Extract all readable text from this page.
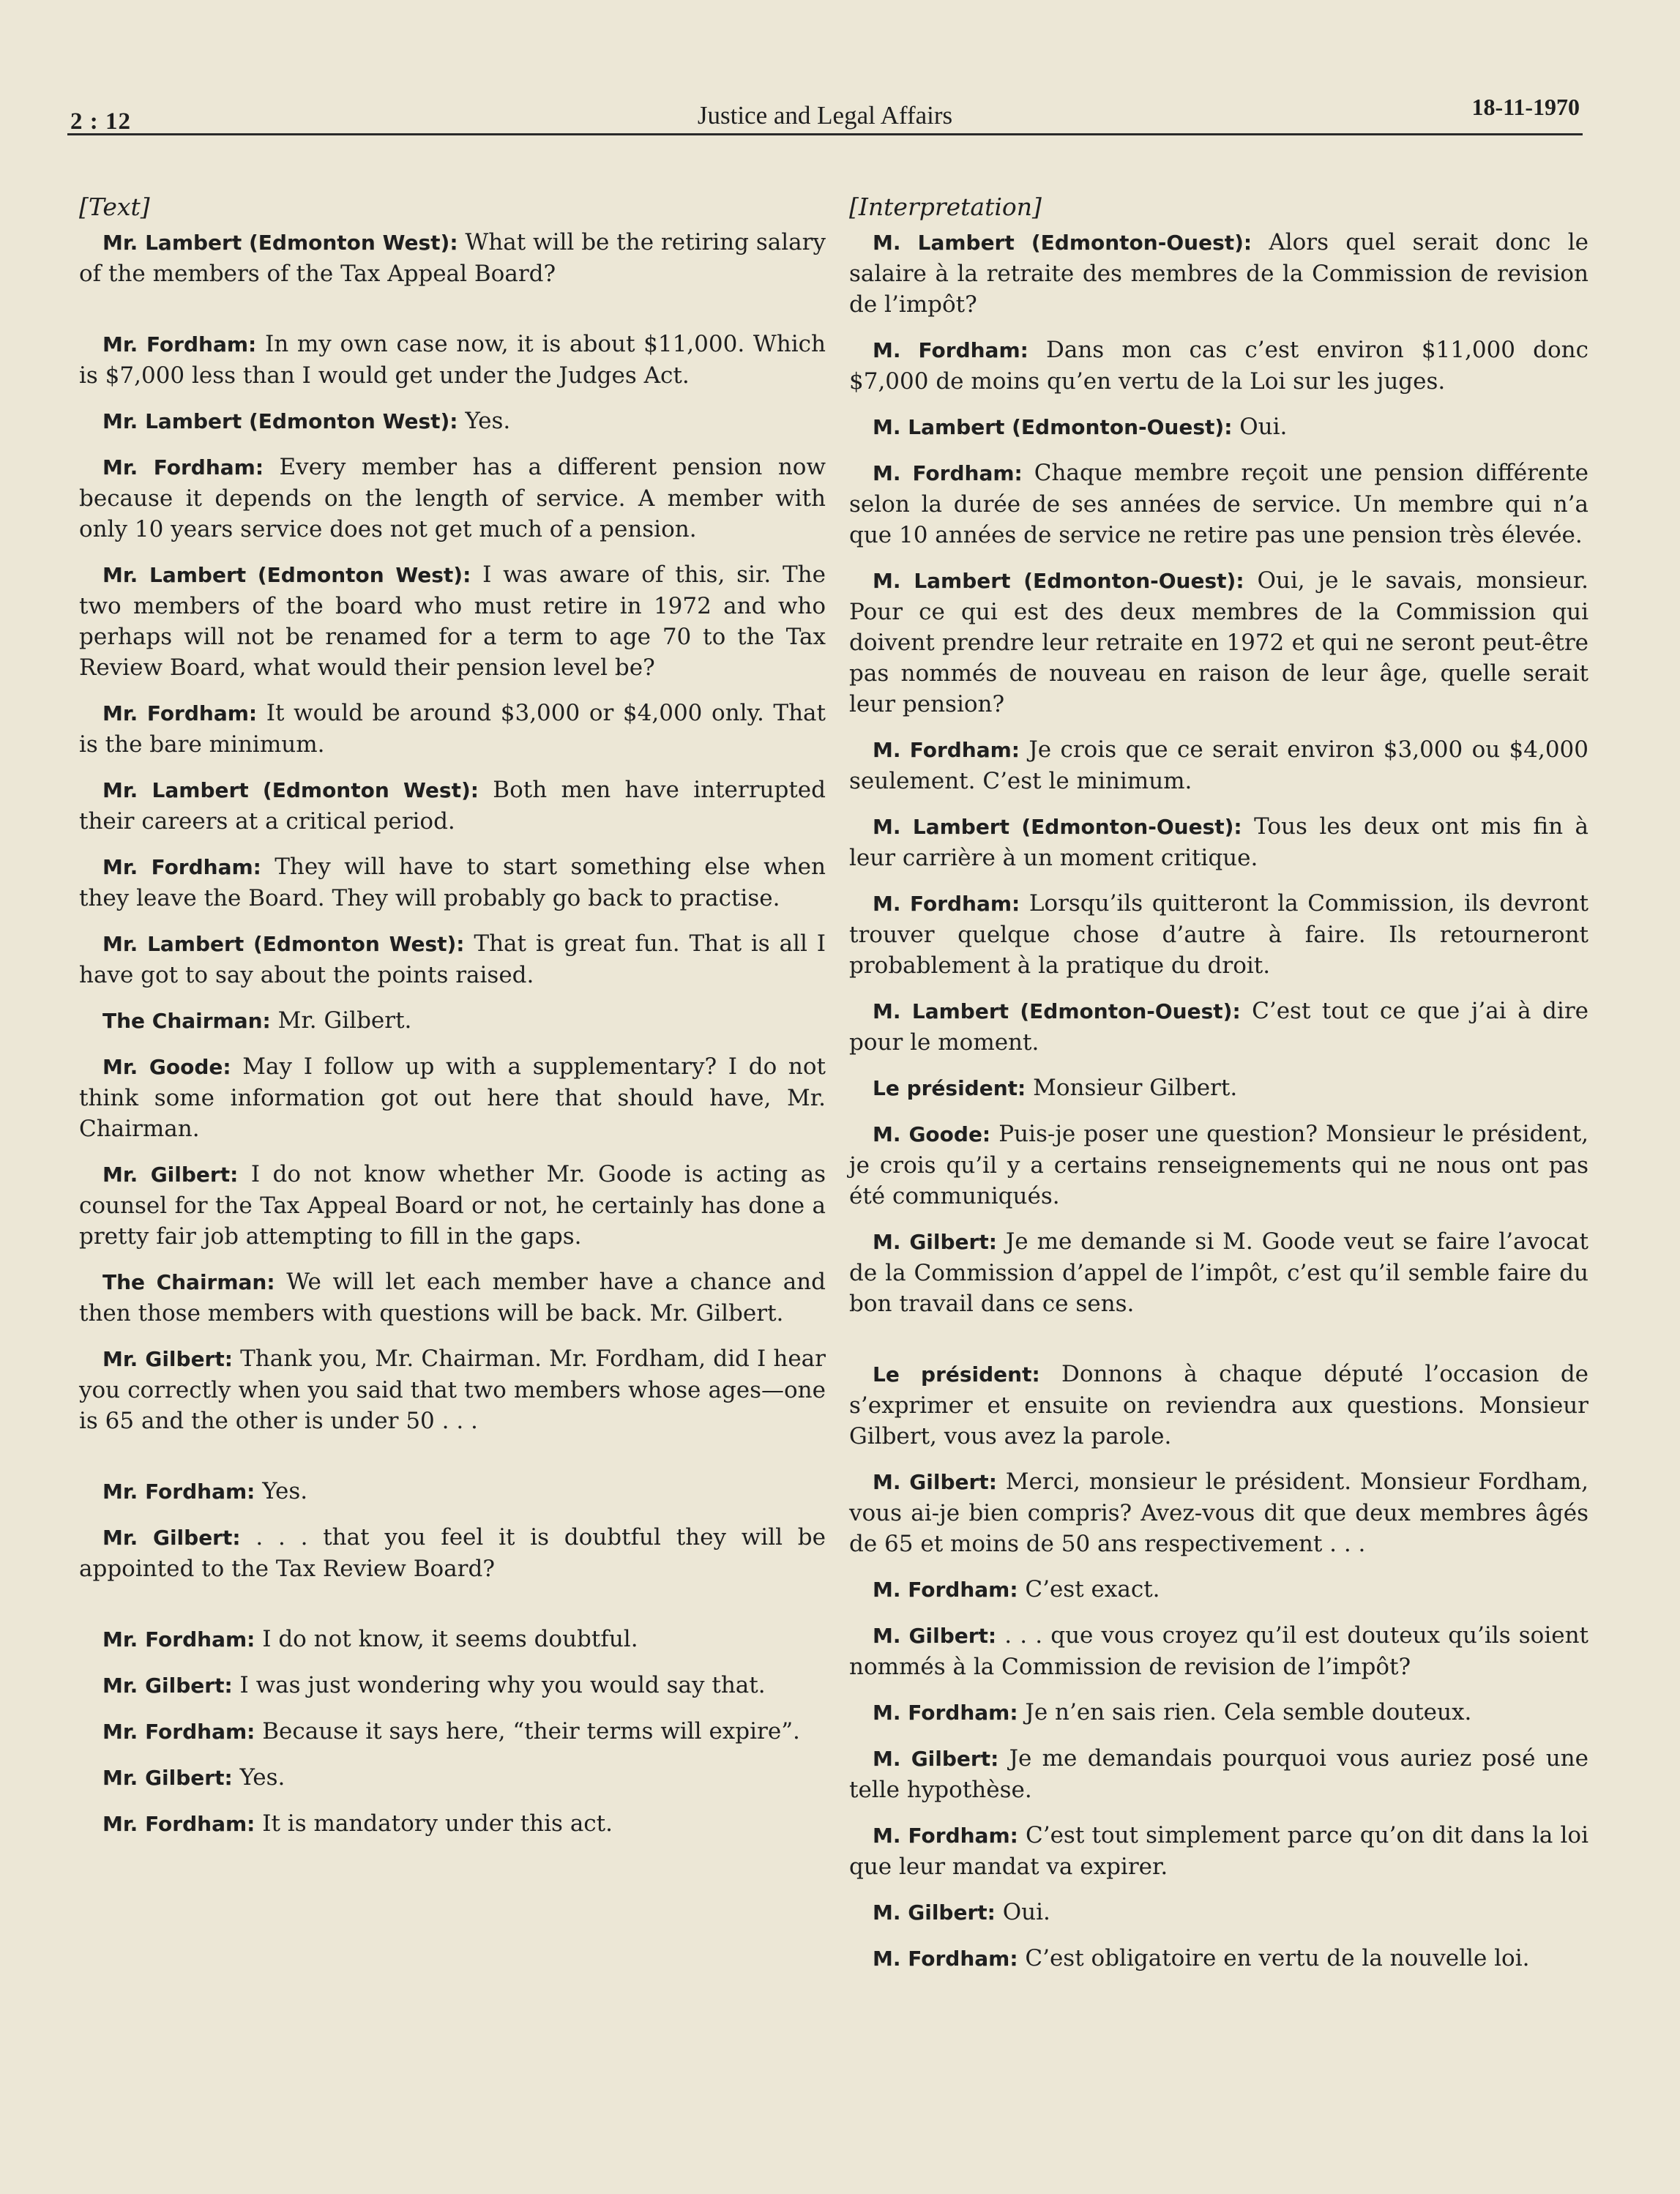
2 : 12	Justice and Legal Affairs	18-11-1970
[Text]

Mr. Lambert (Edmonton West): What will be the retiring salary of the members of the Tax Appeal Board?

Mr. Fordham: In my own case now, it is about $11,000. Which is $7,000 less than I would get under the Judges Act.

Mr. Lambert (Edmonton West): Yes.

Mr. Fordham: Every member has a different pension now because it depends on the length of service. A member with only 10 years service does not get much of a pension.

Mr. Lambert (Edmonton West): I was aware of this, sir. The two members of the board who must retire in 1972 and who perhaps will not be renamed for a term to age 70 to the Tax Review Board, what would their pension level be?

Mr. Fordham: It would be around $3,000 or $4,000 only. That is the bare minimum.

Mr. Lambert (Edmonton West): Both men have interrupted their careers at a critical period.

Mr. Fordham: They will have to start something else when they leave the Board. They will probably go back to practise.

Mr. Lambert (Edmonton West): That is great fun. That is all I have got to say about the points raised.

The Chairman: Mr. Gilbert.

Mr. Goode: May I follow up with a supplementary? I do not think some information got out here that should have, Mr. Chairman.

Mr. Gilbert: I do not know whether Mr. Goode is acting as counsel for the Tax Appeal Board or not, he certainly has done a pretty fair job attempting to fill in the gaps.

The Chairman: We will let each member have a chance and then those members with questions will be back. Mr. Gilbert.

Mr. Gilbert: Thank you, Mr. Chairman. Mr. Fordham, did I hear you correctly when you said that two members whose ages—one is 65 and the other is under 50 . . .

Mr. Fordham: Yes.

Mr. Gilbert: . . . that you feel it is doubtful they will be appointed to the Tax Review Board?

Mr. Fordham: I do not know, it seems doubtful.

Mr. Gilbert: I was just wondering why you would say that.

Mr. Fordham: Because it says here, “their terms will expire”.

Mr. Gilbert: Yes.

Mr. Fordham: It is mandatory under this act.

[Interpretation]

M. Lambert (Edmonton-Ouest): Alors quel serait donc le salaire à la retraite des membres de la Commission de revision de l’impôt?

M. Fordham: Dans mon cas c’est environ $11,000 donc $7,000 de moins qu’en vertu de la Loi sur les juges.

M. Lambert (Edmonton-Ouest): Oui.

M. Fordham: Chaque membre reçoit une pension différente selon la durée de ses années de service. Un membre qui n’a que 10 années de service ne retire pas une pension très élevée.

M. Lambert (Edmonton-Ouest): Oui, je le savais, monsieur. Pour ce qui est des deux membres de la Commission qui doivent prendre leur retraite en 1972 et qui ne seront peut-être pas nommés de nouveau en raison de leur âge, quelle serait leur pension?

M. Fordham: Je crois que ce serait environ $3,000 ou $4,000 seulement. C’est le minimum.

M. Lambert (Edmonton-Ouest): Tous les deux ont mis fin à leur carrière à un moment critique.

M. Fordham: Lorsqu’ils quitteront la Commission, ils devront trouver quelque chose d’autre à faire. Ils retourneront probablement à la pratique du droit.

M. Lambert (Edmonton-Ouest): C’est tout ce que j’ai à dire pour le moment.

Le président: Monsieur Gilbert.

M. Goode: Puis-je poser une question? Monsieur le président, je crois qu’il y a certains renseignements qui ne nous ont pas été communiqués.

M. Gilbert: Je me demande si M. Goode veut se faire l’avocat de la Commission d’appel de l’impôt, c’est qu’il semble faire du bon travail dans ce sens.

Le président: Donnons à chaque député l’occasion de s’exprimer et ensuite on reviendra aux questions. Monsieur Gilbert, vous avez la parole.

M. Gilbert: Merci, monsieur le président. Monsieur Fordham, vous ai-je bien compris? Avez-vous dit que deux membres âgés de 65 et moins de 50 ans respectivement . . .

M. Fordham: C’est exact.

M. Gilbert: . . . que vous croyez qu’il est douteux qu’ils soient nommés à la Commission de revision de l’impôt?

M. Fordham: Je n’en sais rien. Cela semble douteux.

M. Gilbert: Je me demandais pourquoi vous auriez posé une telle hypothèse.

M. Fordham: C’est tout simplement parce qu’on dit dans la loi que leur mandat va expirer.

M. Gilbert: Oui.

M. Fordham: C’est obligatoire en vertu de la nouvelle loi.
